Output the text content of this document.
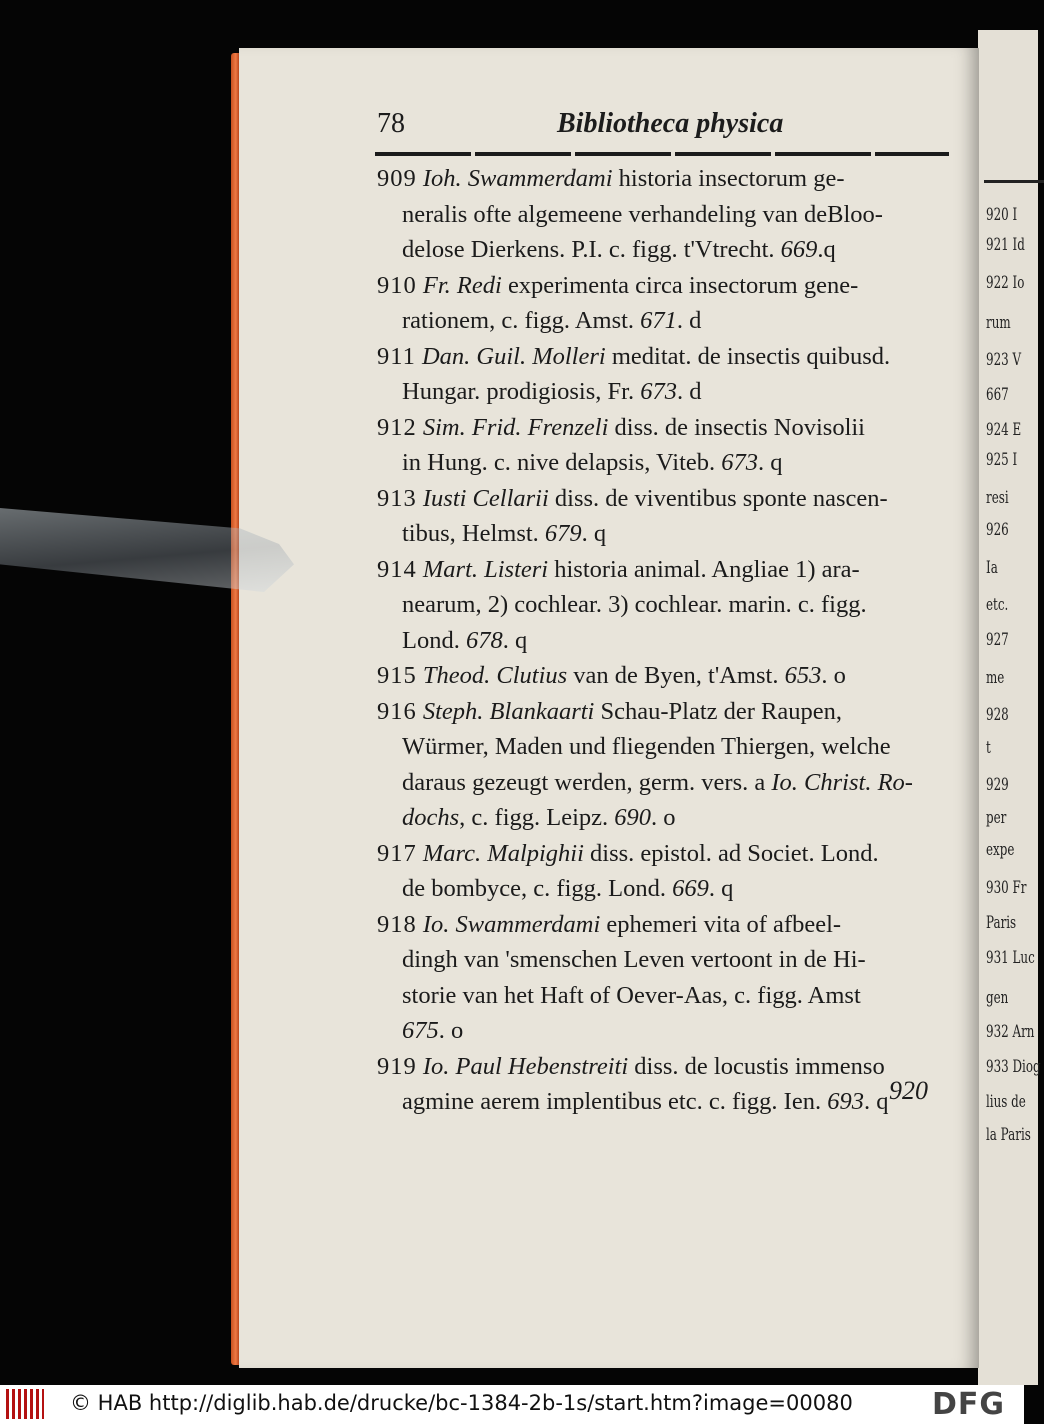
920 I
921 Id
922 Io
rum
923 V
667
924 E
925 I
resi
926
Ia
etc.
927
me
928
t
929
per
expe
930 Fr
Paris
931 Luc
gen
932 Arn
933 Diog
lius de
la Paris
78	Bibliotheca physica
909 Ioh. Swammerdami historia insectorum ge-
neralis ofte algemeene verhandeling van deBloo-
delose Dierkens. P.I. c. figg. t'Vtrecht. 669.q
910 Fr. Redi experimenta circa insectorum gene-
rationem, c. figg. Amst. 671. d
911 Dan. Guil. Molleri meditat. de insectis quibusd.
Hungar. prodigiosis, Fr. 673. d
912 Sim. Frid. Frenzeli diss. de insectis Novisolii
in Hung. c. nive delapsis, Viteb. 673. q
913 Iusti Cellarii diss. de viventibus sponte nascen-
tibus, Helmst. 679. q
914 Mart. Listeri historia animal. Angliae 1) ara-
nearum, 2) cochlear. 3) cochlear. marin. c. figg.
Lond. 678. q
915 Theod. Clutius van de Byen, t'Amst. 653. o
916 Steph. Blankaarti Schau-Platz der Raupen,
Würmer, Maden und fliegenden Thiergen, welche
daraus gezeugt werden, germ. vers. a Io. Christ. Ro-
dochs, c. figg. Leipz. 690. o
917 Marc. Malpighii diss. epistol. ad Societ. Lond.
de bombyce, c. figg. Lond. 669. q
918 Io. Swammerdami ephemeri vita of afbeel-
dingh van 'smenschen Leven vertoont in de Hi-
storie van het Haft of Oever-Aas, c. figg. Amst
675. o
919 Io. Paul Hebenstreiti diss. de locustis immenso
agmine aerem implentibus etc. c. figg. Ien. 693. q 920
© HAB http://diglib.hab.de/drucke/bc-1384-2b-1s/start.htm?image=00080	DFG
